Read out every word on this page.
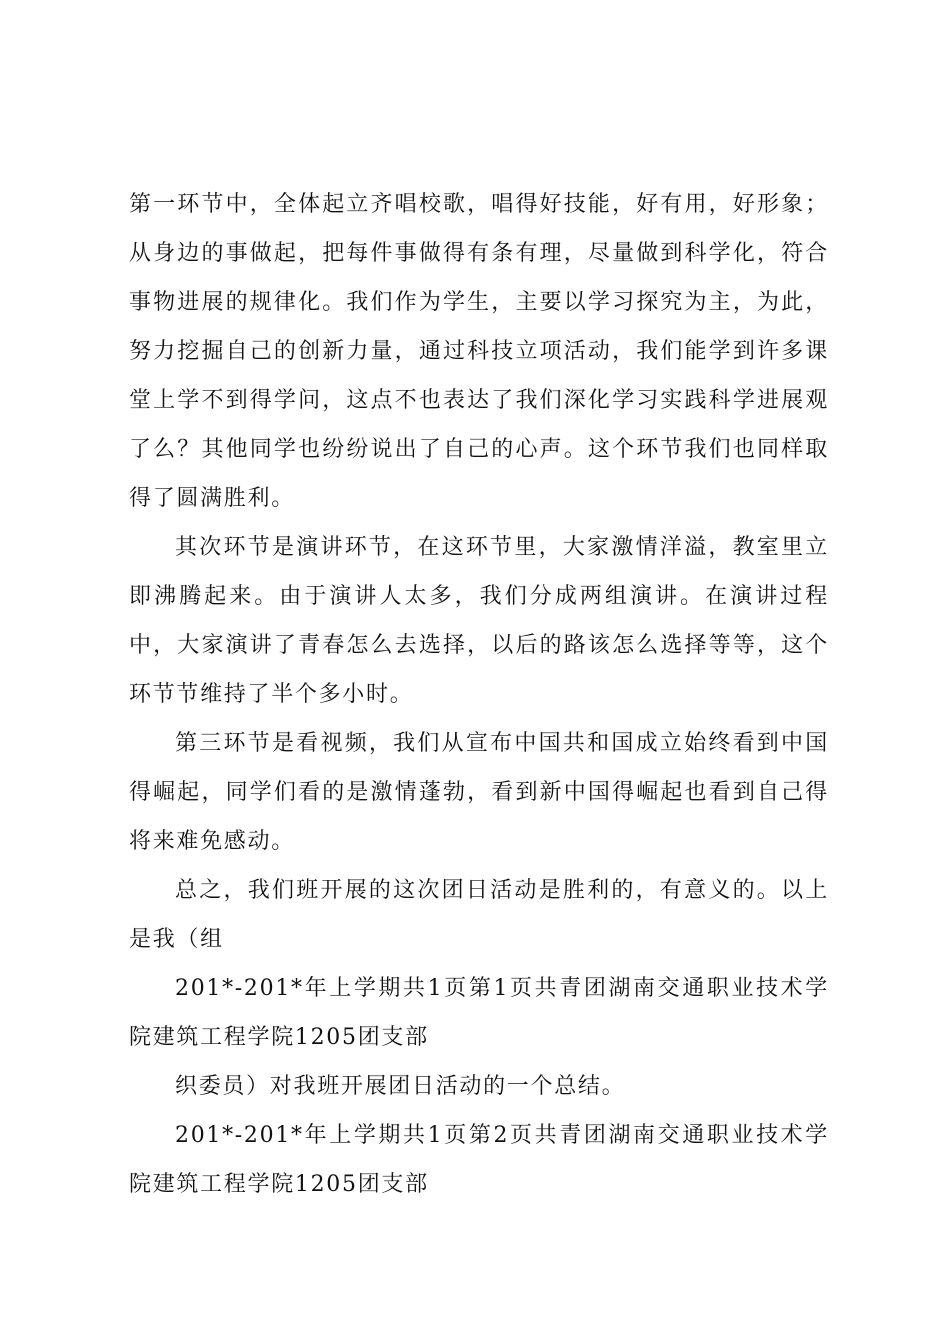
第一环节中，全体起立齐唱校歌，唱得好技能，好有用，好形象；从身边的事做起，把每件事做得有条有理，尽量做到科学化，符合事物进展的规律化。我们作为学生，主要以学习探究为主，为此，努力挖掘自己的创新力量，通过科技立项活动，我们能学到许多课堂上学不到得学问，这点不也表达了我们深化学习实践科学进展观了么？其他同学也纷纷说出了自己的心声。这个环节我们也同样取得了圆满胜利。

其次环节是演讲环节，在这环节里，大家激情洋溢，教室里立即沸腾起来。由于演讲人太多，我们分成两组演讲。在演讲过程中，大家演讲了青春怎么去选择，以后的路该怎么选择等等，这个环节节维持了半个多小时。

第三环节是看视频，我们从宣布中国共和国成立始终看到中国得崛起，同学们看的是激情蓬勃，看到新中国得崛起也看到自己得将来难免感动。

总之，我们班开展的这次团日活动是胜利的，有意义的。以上是我（组

201*-201*年上学期共1页第1页共青团湖南交通职业技术学院建筑工程学院1205团支部

织委员）对我班开展团日活动的一个总结。

201*-201*年上学期共1页第2页共青团湖南交通职业技术学院建筑工程学院1205团支部
